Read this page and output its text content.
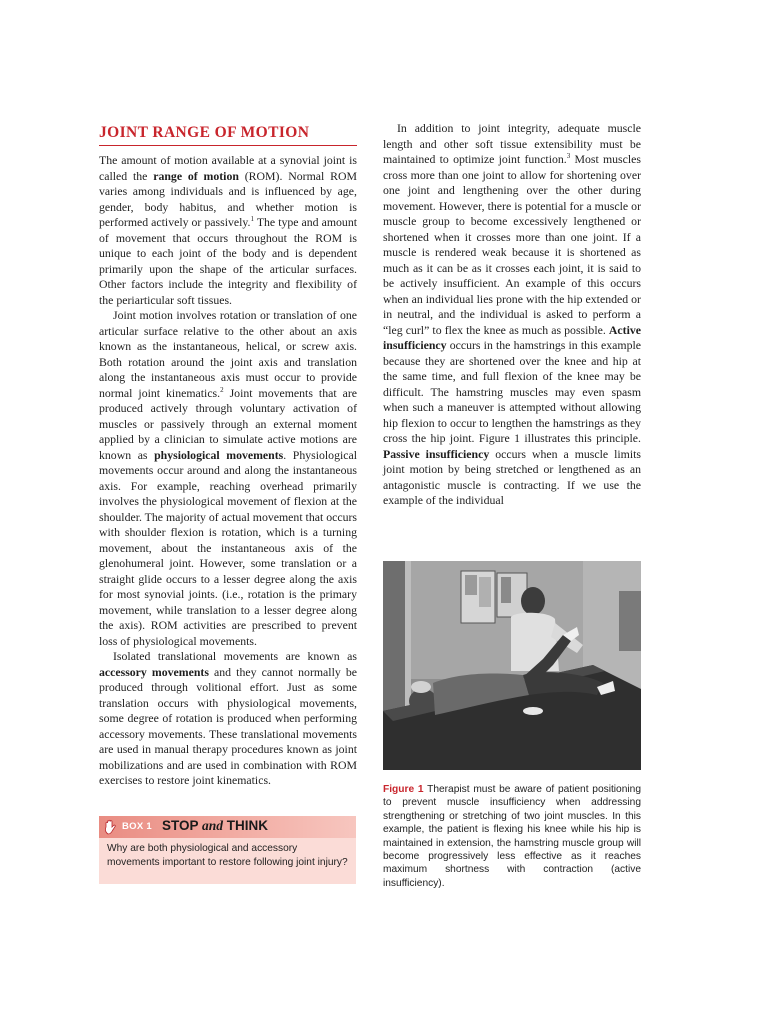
JOINT RANGE OF MOTION

The amount of motion available at a synovial joint is called the range of motion (ROM). Normal ROM varies among individuals and is influenced by age, gender, body habitus, and whether motion is performed actively or passively.$^1$ The type and amount of movement that occurs throughout the ROM is unique to each joint of the body and is dependent primarily upon the shape of the articular surfaces. Other factors include the integrity and flexibility of the periarticular soft tissues.

Joint motion involves rotation or translation of one articular surface relative to the other about an axis known as the instantaneous, helical, or screw axis. Both rotation around the joint axis and translation along the instantaneous axis must occur to provide normal joint kinematics.$^2$ Joint movements that are produced actively through voluntary activation of muscles or passively through an external moment applied by a clinician to simulate active motions are known as physiological movements. Physiological movements occur around and along the instantaneous axis. For example, reaching overhead primarily involves the physiological movement of flexion at the shoulder. The majority of actual movement that occurs with shoulder flexion is rotation, which is a turning movement, about the instantaneous axis of the glenohumeral joint. However, some translation or a straight glide occurs to a lesser degree along the axis for most synovial joints. (i.e., rotation is the primary movement, while translation to a lesser degree along the axis). ROM activities are prescribed to prevent loss of physiological movements.

Isolated translational movements are known as accessory movements and they cannot normally be produced through volitional effort. Just as some translation occurs with physiological movements, some degree of rotation is produced when performing accessory movements. These translational movements are used in manual therapy procedures known as joint mobilizations and are used in combination with ROM exercises to restore joint kinematics.

BOX 1 STOP and THINK
Why are both physiological and accessory movements important to restore following joint injury?

In addition to joint integrity, adequate muscle length and other soft tissue extensibility must be maintained to optimize joint function.$^3$ Most muscles cross more than one joint to allow for shortening over one joint and lengthening over the other during movement. However, there is potential for a muscle or muscle group to become excessively lengthened or shortened when it crosses more than one joint. If a muscle is rendered weak because it is shortened as much as it can be as it crosses each joint, it is said to be actively insufficient. An example of this occurs when an individual lies prone with the hip extended or in neutral, and the individual is asked to perform a “leg curl” to flex the knee as much as possible. Active insufficiency occurs in the hamstrings in this example because they are shortened over the knee and hip at the same time, and full flexion of the knee may be difficult. The hamstring muscles may even spasm when such a maneuver is attempted without allowing hip flexion to occur to lengthen the hamstrings as they cross the hip joint. Figure 1 illustrates this principle. Passive insufficiency occurs when a muscle limits joint motion by being stretched or lengthened as an antagonistic muscle is contracting. If we use the example of the individual

Figure 1 Therapist must be aware of patient positioning to prevent muscle insufficiency when addressing strengthening or stretching of two joint muscles. In this example, the patient is flexing his knee while his hip is maintained in extension, the hamstring muscle group will become progressively less effective as it reaches maximum shortness with contraction (active insufficiency).
